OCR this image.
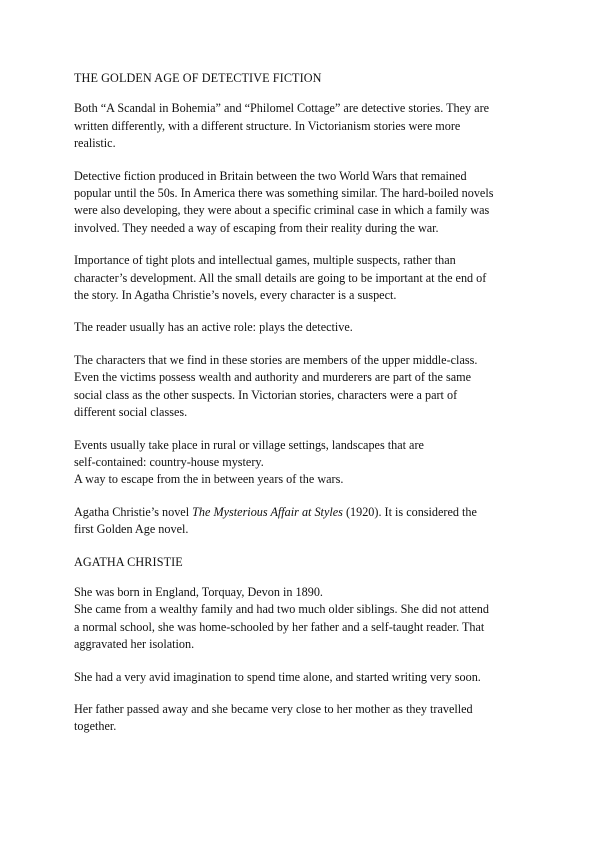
THE GOLDEN AGE OF DETECTIVE FICTION
Both “A Scandal in Bohemia” and “Philomel Cottage” are detective stories. They are
written differently, with a different structure. In Victorianism stories were more
realistic.
Detective fiction produced in Britain between the two World Wars that remained
popular until the 50s. In America there was something similar. The hard-boiled novels
were also developing, they were about a specific criminal case in which a family was
involved. They needed a way of escaping from their reality during the war.
Importance of tight plots and intellectual games, multiple suspects, rather than
character’s development. All the small details are going to be important at the end of
the story. In Agatha Christie’s novels, every character is a suspect.
The reader usually has an active role: plays the detective.
The characters that we find in these stories are members of the upper middle-class.
Even the victims possess wealth and authority and murderers are part of the same
social class as the other suspects. In Victorian stories, characters were a part of
different social classes.
Events usually take place in rural or village settings, landscapes that are
self-contained: country-house mystery.
A way to escape from the in between years of the wars.
Agatha Christie’s novel The Mysterious Affair at Styles (1920). It is considered the
first Golden Age novel.
AGATHA CHRISTIE
She was born in England, Torquay, Devon in 1890.
She came from a wealthy family and had two much older siblings. She did not attend
a normal school, she was home-schooled by her father and a self-taught reader. That
aggravated her isolation.
She had a very avid imagination to spend time alone, and started writing very soon.
Her father passed away and she became very close to her mother as they travelled
together.
